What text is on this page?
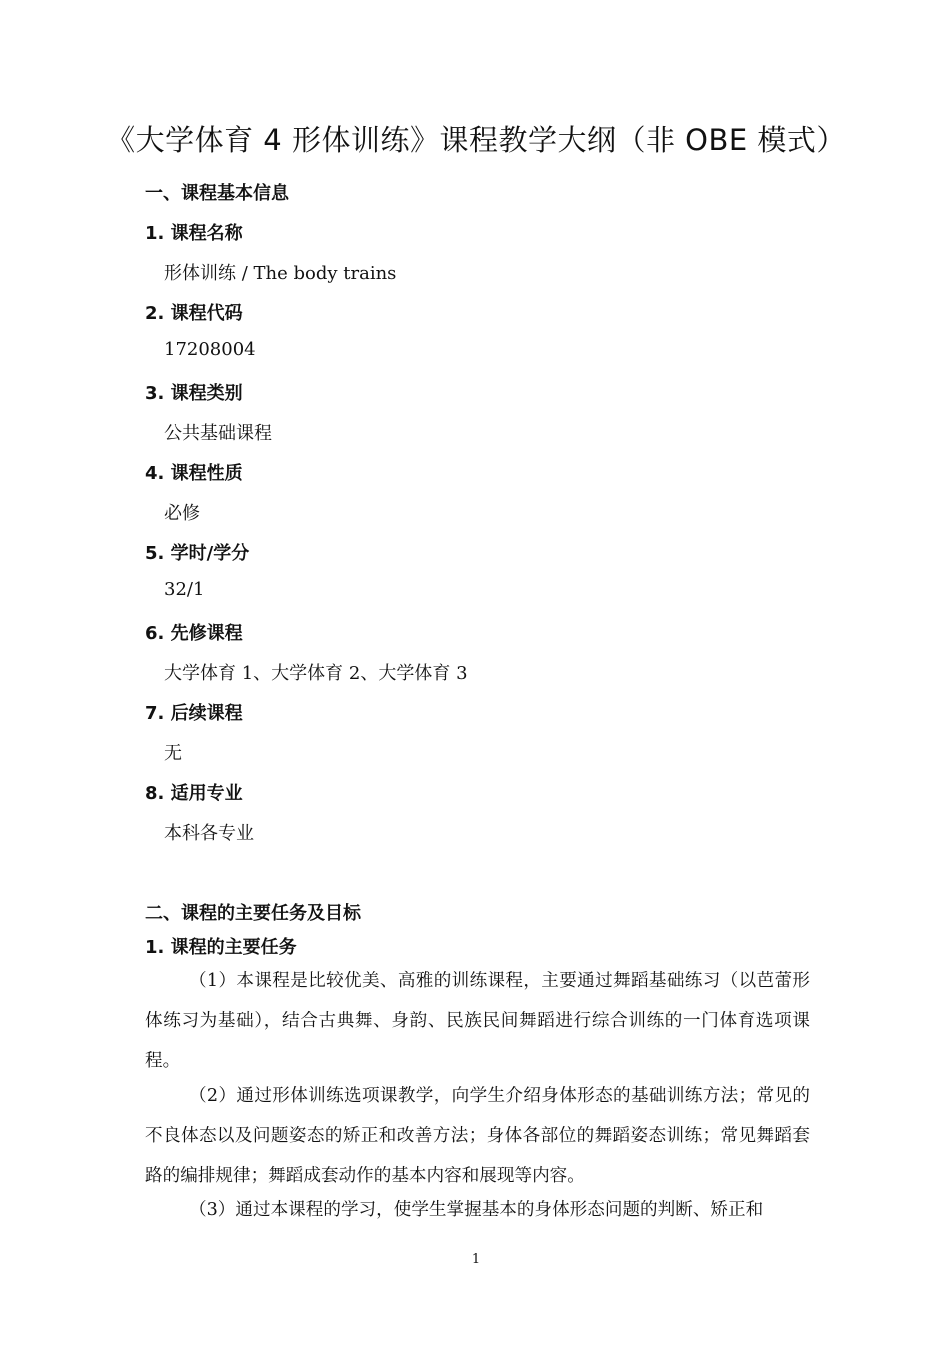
《大学体育 4 形体训练》课程教学大纲（非 OBE 模式）
一、课程基本信息
1. 课程名称
形体训练 / The body trains
2. 课程代码
17208004
3. 课程类别
公共基础课程
4. 课程性质
必修
5. 学时/学分
32/1
6. 先修课程
大学体育 1、大学体育 2、大学体育 3
7. 后续课程
无
8. 适用专业
本科各专业
二、课程的主要任务及目标
1. 课程的主要任务

（1）本课程是比较优美、高雅的训练课程，主要通过舞蹈基础练习（以芭蕾形体练习为基础），结合古典舞、身韵、民族民间舞蹈进行综合训练的一门体育选项课程。

（2）通过形体训练选项课教学，向学生介绍身体形态的基础训练方法；常见的不良体态以及问题姿态的矫正和改善方法；身体各部位的舞蹈姿态训练；常见舞蹈套路的编排规律；舞蹈成套动作的基本内容和展现等内容。

（3）通过本课程的学习，使学生掌握基本的身体形态问题的判断、矫正和

1
